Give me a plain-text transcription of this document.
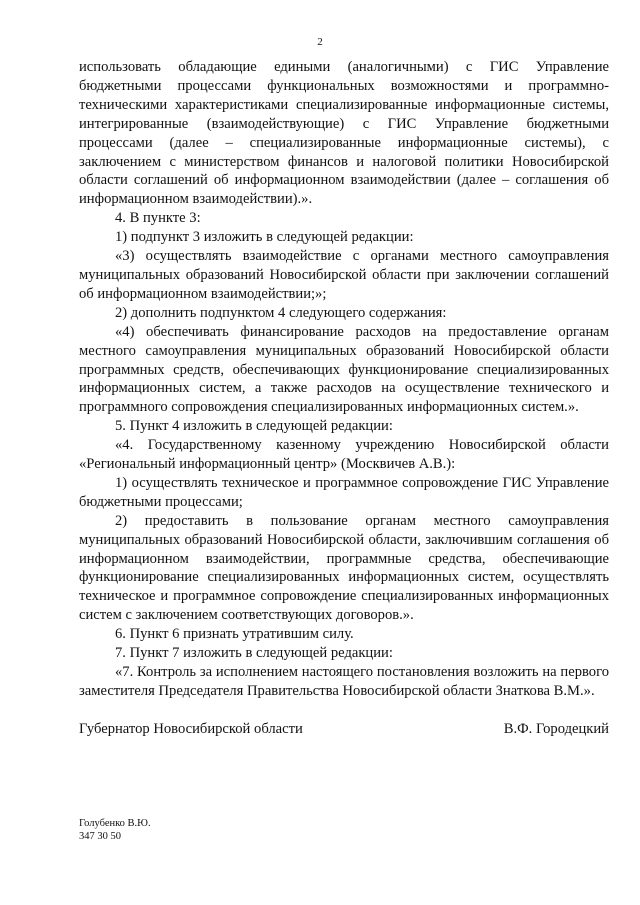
2

использовать обладающие едиными (аналогичными) с ГИС Управление бюджетными процессами функциональных возможностями и программно-техническими характеристиками специализированные информационные системы, интегрированные (взаимодействующие) с ГИС Управление бюджетными процессами (далее – специализированные информационные системы), с заключением с министерством финансов и налоговой политики Новосибирской области соглашений об информационном взаимодействии (далее – соглашения об информационном взаимодействии).».

4. В пункте 3:

1) подпункт 3 изложить в следующей редакции:

«3) осуществлять взаимодействие с органами местного самоуправления муниципальных образований Новосибирской области при заключении соглашений об информационном взаимодействии;»;

2) дополнить подпунктом 4 следующего содержания:

«4) обеспечивать финансирование расходов на предоставление органам местного самоуправления муниципальных образований Новосибирской области программных средств, обеспечивающих функционирование специализированных информационных систем, а также расходов на осуществление технического и программного сопровождения специализированных информационных систем.».

5. Пункт 4 изложить в следующей редакции:

«4. Государственному казенному учреждению Новосибирской области «Региональный информационный центр» (Москвичев А.В.):

1) осуществлять техническое и программное сопровождение ГИС Управление бюджетными процессами;

2) предоставить в пользование органам местного самоуправления муниципальных образований Новосибирской области, заключившим соглашения об информационном взаимодействии, программные средства, обеспечивающие функционирование специализированных информационных систем, осуществлять техническое и программное сопровождение специализированных информационных систем с заключением соответствующих договоров.».

6. Пункт 6 признать утратившим силу.

7. Пункт 7 изложить в следующей редакции:

«7. Контроль за исполнением настоящего постановления возложить на первого заместителя Председателя Правительства Новосибирской области Знаткова В.М.».

Губернатор Новосибирской области	В.Ф. Городецкий
Голубенко В.Ю.
347 30 50
